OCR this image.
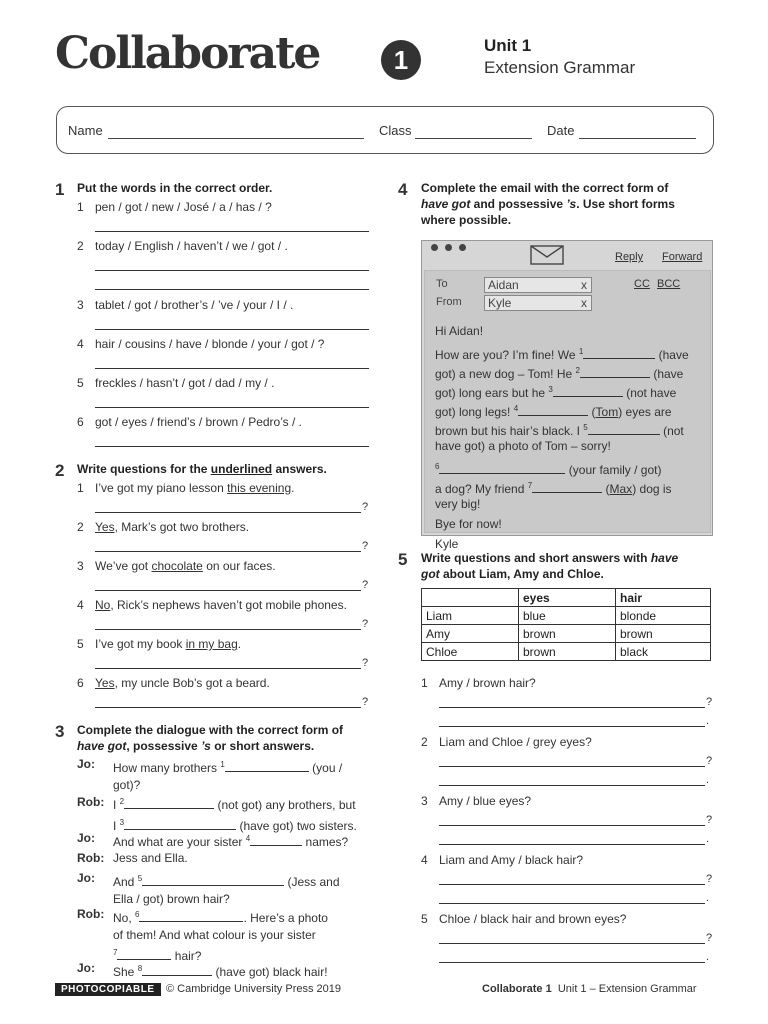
Collaborate	1	Unit 1
Extension Grammar
Name	Class	Date
1 Put the words in the correct order.
1 pen / got / new / José / a / has / ?
2 today / English / haven’t / we / got / .
3 tablet / got / brother’s / ’ve / your / I / .
4 hair / cousins / have / blonde / your / got / ?
5 freckles / hasn’t / got / dad / my / .
6 got / eyes / friend’s / brown / Pedro’s / .
2 Write questions for the underlined answers.
1 I’ve got my piano lesson this evening.
?
2 Yes, Mark’s got two brothers.
?
3 We’ve got chocolate on our faces.
?
4 No, Rick’s nephews haven’t got mobile phones.
?
5 I’ve got my book in my bag.
?
6 Yes, my uncle Bob’s got a beard.
?
3 Complete the dialogue with the correct form of
have got, possessive ’s or short answers.
Jo: How many brothers $^1$	(you /
got)?
Rob: I $^2$	(not got) any brothers, but
I $^3$	(have got) two sisters.
Jo: And what are your sister $^4$	names?
Rob: Jess and Ella.
Jo: And $^5$	(Jess and
Ella / got) brown hair?
Rob: No, $^6$	. Here’s a photo
of them! And what colour is your sister
$^7$	hair?
Jo: She $^8$	(have got) black hair!
4 Complete the email with the correct form of
have got and possessive ’s. Use short forms
where possible.
Reply Forward
To	Aidan	x
From	Kyle	x
CC BCC
Hi Aidan!
How are you? I’m fine! We $^1$	(have
got) a new dog – Tom! He $^2$	(have
got) long ears but he $^3$	(not have
got) long legs! $^4$	(Tom) eyes are
brown but his hair’s black. I $^5$	(not
have got) a photo of Tom – sorry!
$^6$	(your family / got)
a dog? My friend $^7$	(Max) dog is
very big!
Bye for now!
Kyle
5 Write questions and short answers with have
got about Liam, Amy and Chloe.
	eyes	hair
Liam	blue	blonde
Amy	brown	brown
Chloe	brown	black
1 Amy / brown hair?
?
.
2 Liam and Chloe / grey eyes?
?
.
3 Amy / blue eyes?
?
.
4 Liam and Amy / black hair?
?
.
5 Chloe / black hair and brown eyes?
?
.
PHOTOCOPIABLE	© Cambridge University Press 2019	Collaborate 1 Unit 1 – Extension Grammar
